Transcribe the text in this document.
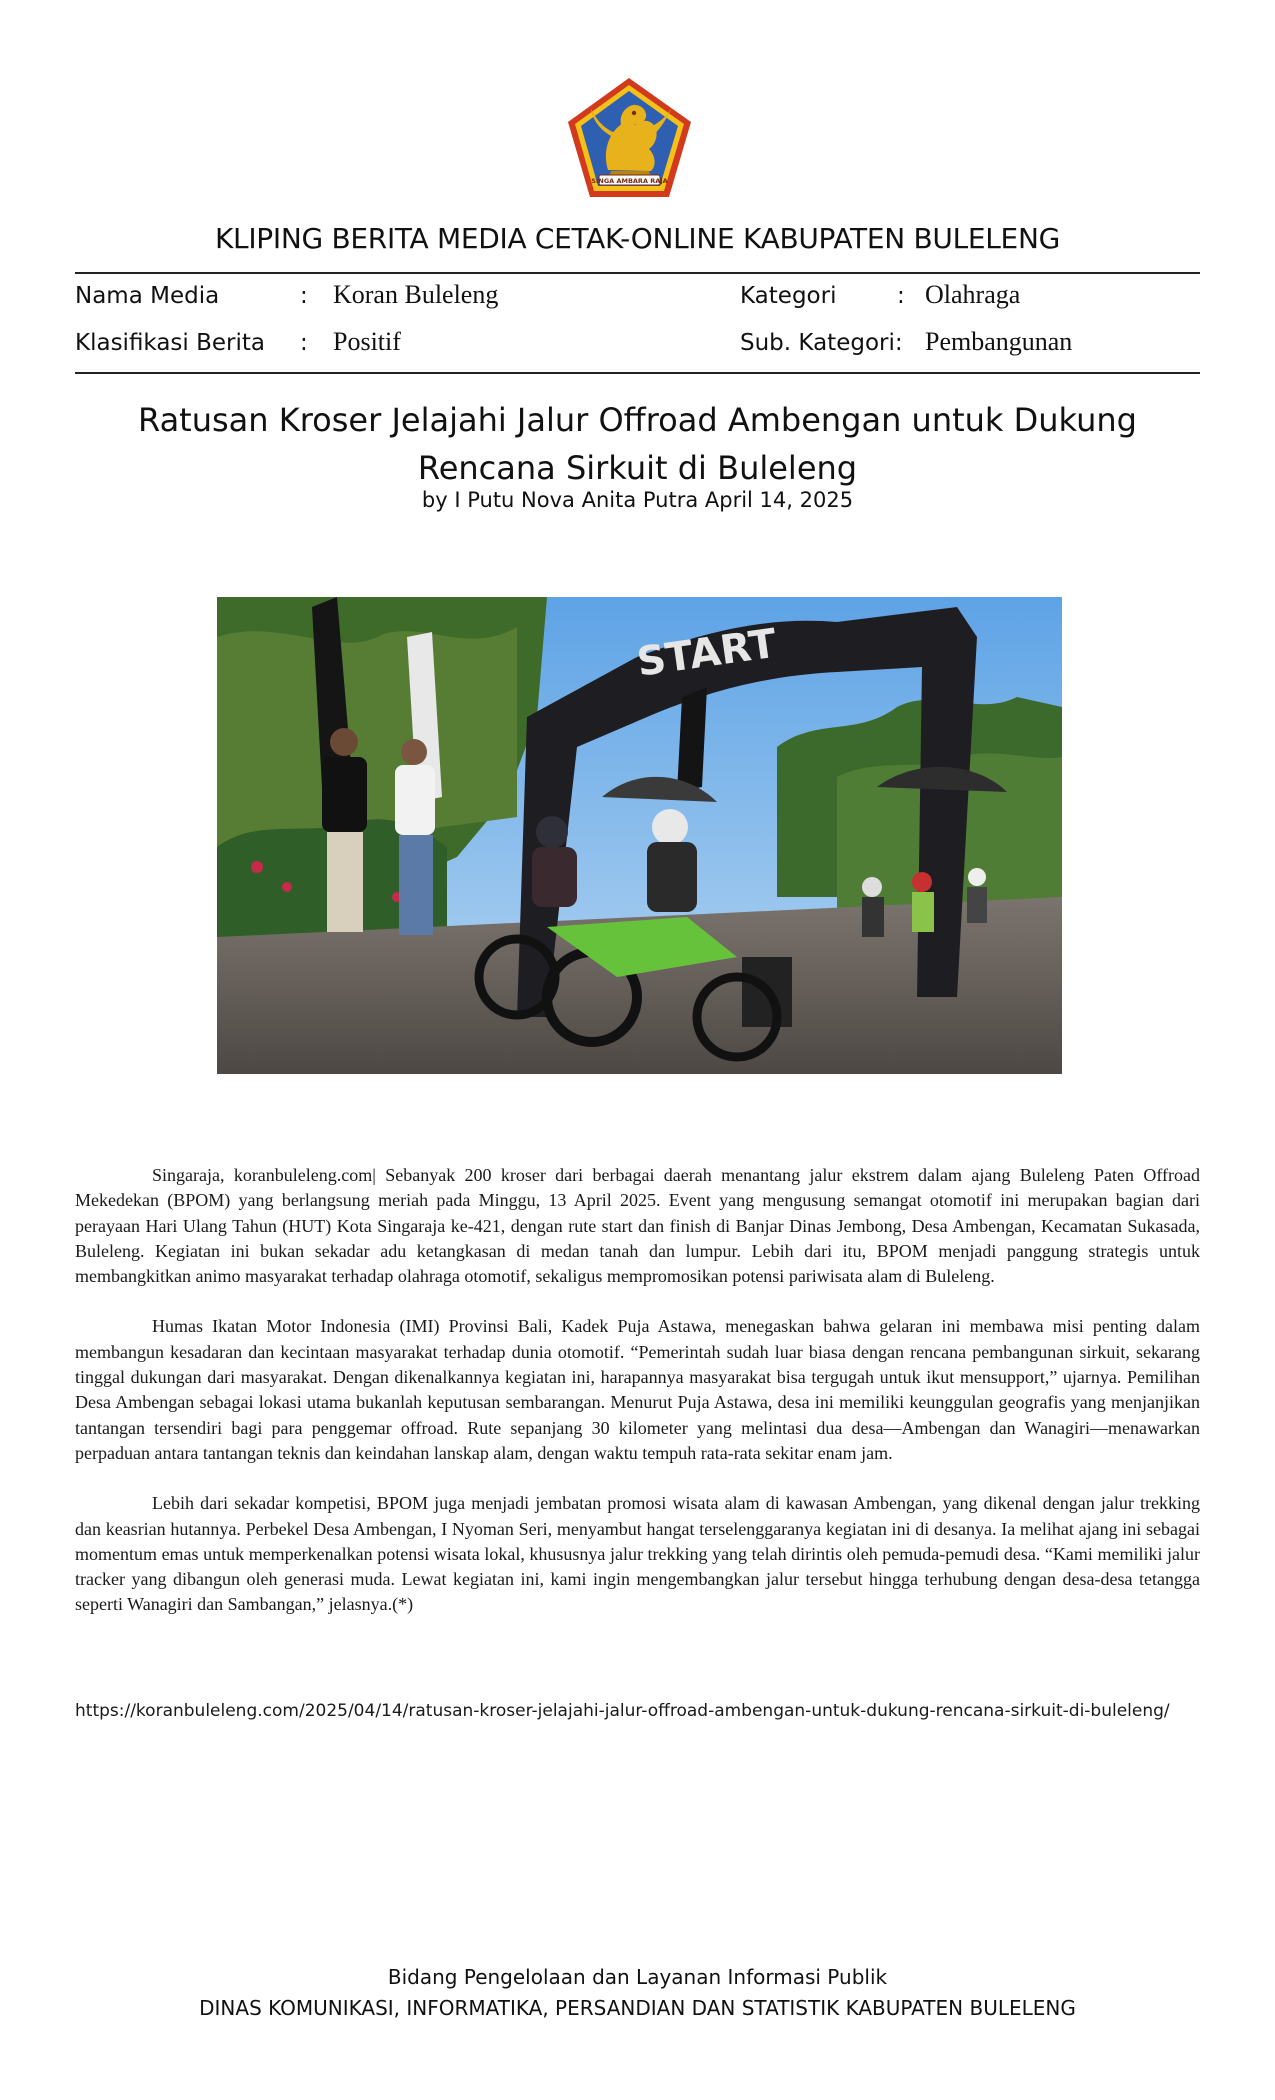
SINGA AMBARA RAJA
KLIPING BERITA MEDIA CETAK-ONLINE KABUPATEN BULELENG
Nama Media	: Koran Buleleng	Kategori	: Olahraga
Klasifikasi Berita : Positif	Sub. Kategori: Pembangunan
Ratusan Kroser Jelajahi Jalur Offroad Ambengan untuk Dukung Rencana Sirkuit di Buleleng
by I Putu Nova Anita Putra April 14, 2025
START

Singaraja, koranbuleleng.com| Sebanyak 200 kroser dari berbagai daerah menantang jalur ekstrem dalam ajang Buleleng Paten Offroad Mekedekan (BPOM) yang berlangsung meriah pada Minggu, 13 April 2025. Event yang mengusung semangat otomotif ini merupakan bagian dari perayaan Hari Ulang Tahun (HUT) Kota Singaraja ke-421, dengan rute start dan finish di Banjar Dinas Jembong, Desa Ambengan, Kecamatan Sukasada, Buleleng. Kegiatan ini bukan sekadar adu ketangkasan di medan tanah dan lumpur. Lebih dari itu, BPOM menjadi panggung strategis untuk membangkitkan animo masyarakat terhadap olahraga otomotif, sekaligus mempromosikan potensi pariwisata alam di Buleleng.

Humas Ikatan Motor Indonesia (IMI) Provinsi Bali, Kadek Puja Astawa, menegaskan bahwa gelaran ini membawa misi penting dalam membangun kesadaran dan kecintaan masyarakat terhadap dunia otomotif. “Pemerintah sudah luar biasa dengan rencana pembangunan sirkuit, sekarang tinggal dukungan dari masyarakat. Dengan dikenalkannya kegiatan ini, harapannya masyarakat bisa tergugah untuk ikut mensupport,” ujarnya. Pemilihan Desa Ambengan sebagai lokasi utama bukanlah keputusan sembarangan. Menurut Puja Astawa, desa ini memiliki keunggulan geografis yang menjanjikan tantangan tersendiri bagi para penggemar offroad. Rute sepanjang 30 kilometer yang melintasi dua desa—Ambengan dan Wanagiri—menawarkan perpaduan antara tantangan teknis dan keindahan lanskap alam, dengan waktu tempuh rata-rata sekitar enam jam.

Lebih dari sekadar kompetisi, BPOM juga menjadi jembatan promosi wisata alam di kawasan Ambengan, yang dikenal dengan jalur trekking dan keasrian hutannya. Perbekel Desa Ambengan, I Nyoman Seri, menyambut hangat terselenggaranya kegiatan ini di desanya. Ia melihat ajang ini sebagai momentum emas untuk memperkenalkan potensi wisata lokal, khususnya jalur trekking yang telah dirintis oleh pemuda-pemudi desa. “Kami memiliki jalur tracker yang dibangun oleh generasi muda. Lewat kegiatan ini, kami ingin mengembangkan jalur tersebut hingga terhubung dengan desa-desa tetangga seperti Wanagiri dan Sambangan,” jelasnya.(*)

https://koranbuleleng.com/2025/04/14/ratusan-kroser-jelajahi-jalur-offroad-ambengan-untuk-dukung-rencana-sirkuit-di-buleleng/
Bidang Pengelolaan dan Layanan Informasi Publik
DINAS KOMUNIKASI, INFORMATIKA, PERSANDIAN DAN STATISTIK KABUPATEN BULELENG
